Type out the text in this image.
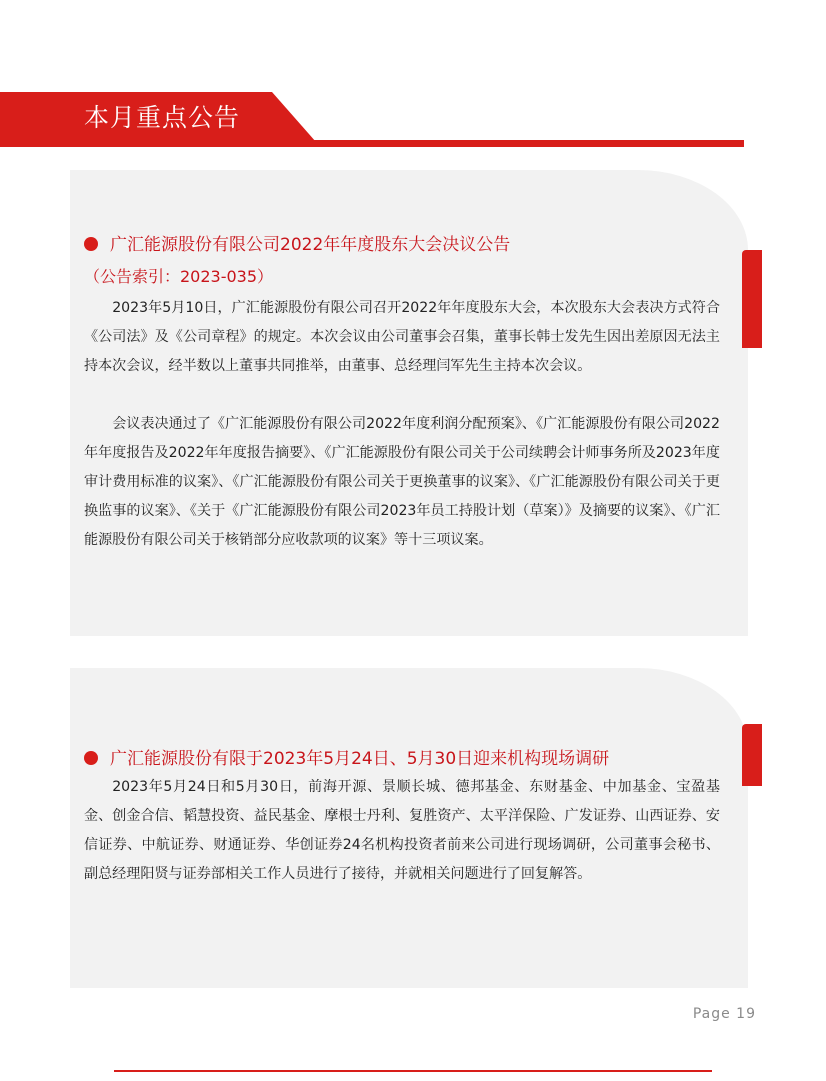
本月重点公告
广汇能源股份有限公司2022年年度股东大会决议公告
（公告索引：2023-035）

2023年5月10日，广汇能源股份有限公司召开2022年年度股东大会，本次股东大会表决方式符合《公司法》及《公司章程》的规定。本次会议由公司董事会召集，董事长韩士发先生因出差原因无法主持本次会议，经半数以上董事共同推举，由董事、总经理闫军先生主持本次会议。

会议表决通过了《广汇能源股份有限公司2022年度利润分配预案》、《广汇能源股份有限公司2022年年度报告及2022年年度报告摘要》、《广汇能源股份有限公司关于公司续聘会计师事务所及2023年度审计费用标准的议案》、《广汇能源股份有限公司关于更换董事的议案》、《广汇能源股份有限公司关于更换监事的议案》、《关于《广汇能源股份有限公司2023年员工持股计划（草案）》及摘要的议案》、《广汇能源股份有限公司关于核销部分应收款项的议案》等十三项议案。

广汇能源股份有限于2023年5月24日、5月30日迎来机构现场调研

2023年5月24日和5月30日，前海开源、景顺长城、德邦基金、东财基金、中加基金、宝盈基金、创金合信、韬慧投资、益民基金、摩根士丹利、复胜资产、太平洋保险、广发证券、山西证券、安信证券、中航证券、财通证券、华创证券24名机构投资者前来公司进行现场调研，公司董事会秘书、副总经理阳贤与证券部相关工作人员进行了接待，并就相关问题进行了回复解答。

Page 19
